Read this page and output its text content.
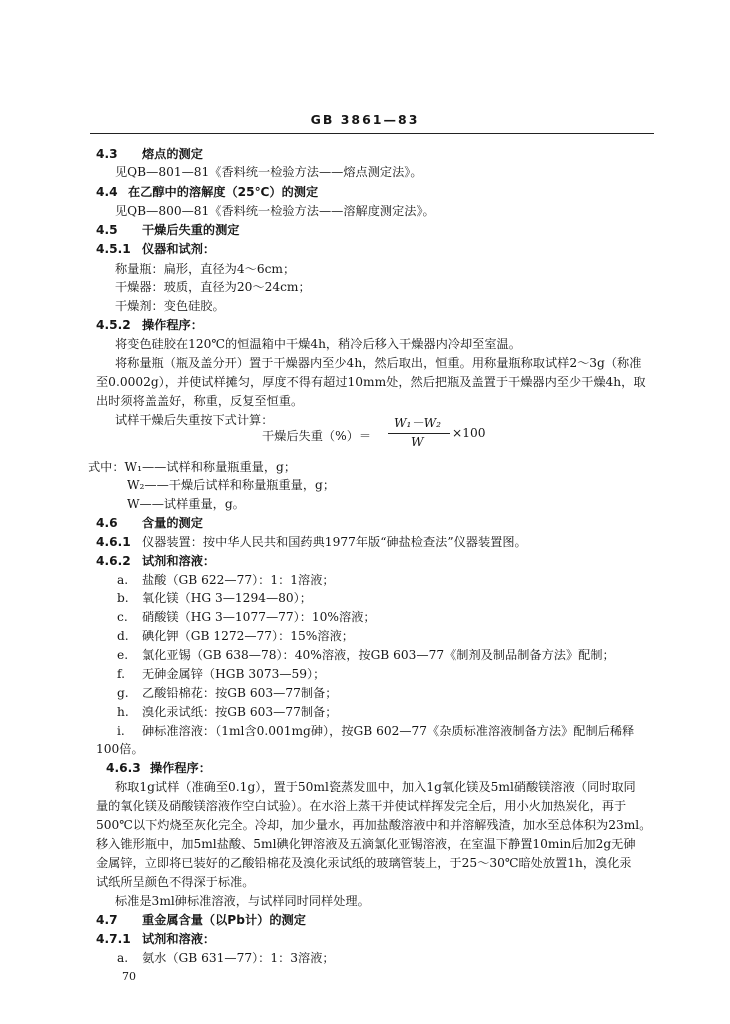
GB 3861—83
4.3 熔点的测定
见QB—801—81《香料统一检验方法——熔点测定法》。
4.4 在乙醇中的溶解度（25℃）的测定
见QB—800—81《香料统一检验方法——溶解度测定法》。
4.5 干燥后失重的测定
4.5.1 仪器和试剂：
称量瓶：扁形，直径为4～6cm；
干燥器：玻质，直径为20～24cm；
干燥剂：变色硅胶。
4.5.2 操作程序：
将变色硅胶在120℃的恒温箱中干燥4h，稍冷后移入干燥器内冷却至室温。
将称量瓶（瓶及盖分开）置于干燥器内至少4h，然后取出，恒重。用称量瓶称取试样2～3g（称准
至0.0002g），并使试样摊匀，厚度不得有超过10mm处，然后把瓶及盖置于干燥器内至少干燥4h，取
出时须将盖盖好，称重，反复至恒重。
试样干燥后失重按下式计算：
干燥后失重（%）＝
W₁－W₂
W
×100
式中：W₁——试样和称量瓶重量，g；
W₂——干燥后试样和称量瓶重量，g；
W——试样重量，g。
4.6 含量的测定
4.6.1 仪器装置：按中华人民共和国药典1977年版“砷盐检查法”仪器装置图。
4.6.2 试剂和溶液：
a. 盐酸（GB 622—77）：1：1溶液；
b. 氧化镁（HG 3—1294—80）；
c. 硝酸镁（HG 3—1077—77）：10%溶液；
d. 碘化钾（GB 1272—77）：15%溶液；
e. 氯化亚锡（GB 638—78）：40%溶液，按GB 603—77《制剂及制品制备方法》配制；
f. 无砷金属锌（HGB 3073—59）；
g. 乙酸铅棉花：按GB 603—77制备；
h. 溴化汞试纸：按GB 603—77制备；
i. 砷标准溶液：（1ml含0.001mg砷），按GB 602—77《杂质标准溶液制备方法》配制后稀释
100倍。
4.6.3 操作程序：
称取1g试样（准确至0.1g），置于50ml瓷蒸发皿中，加入1g氧化镁及5ml硝酸镁溶液（同时取同
量的氧化镁及硝酸镁溶液作空白试验）。在水浴上蒸干并使试样挥发完全后，用小火加热炭化，再于
500℃以下灼烧至灰化完全。冷却，加少量水，再加盐酸溶液中和并溶解残渣，加水至总体积为23ml。
移入锥形瓶中，加5ml盐酸、5ml碘化钾溶液及五滴氯化亚锡溶液，在室温下静置10min后加2g无砷
金属锌，立即将已装好的乙酸铅棉花及溴化汞试纸的玻璃管装上，于25～30℃暗处放置1h，溴化汞
试纸所呈颜色不得深于标准。
标准是3ml砷标准溶液，与试样同时同样处理。
4.7 重金属含量（以Pb计）的测定
4.7.1 试剂和溶液：
a. 氨水（GB 631—77）：1：3溶液；
70
